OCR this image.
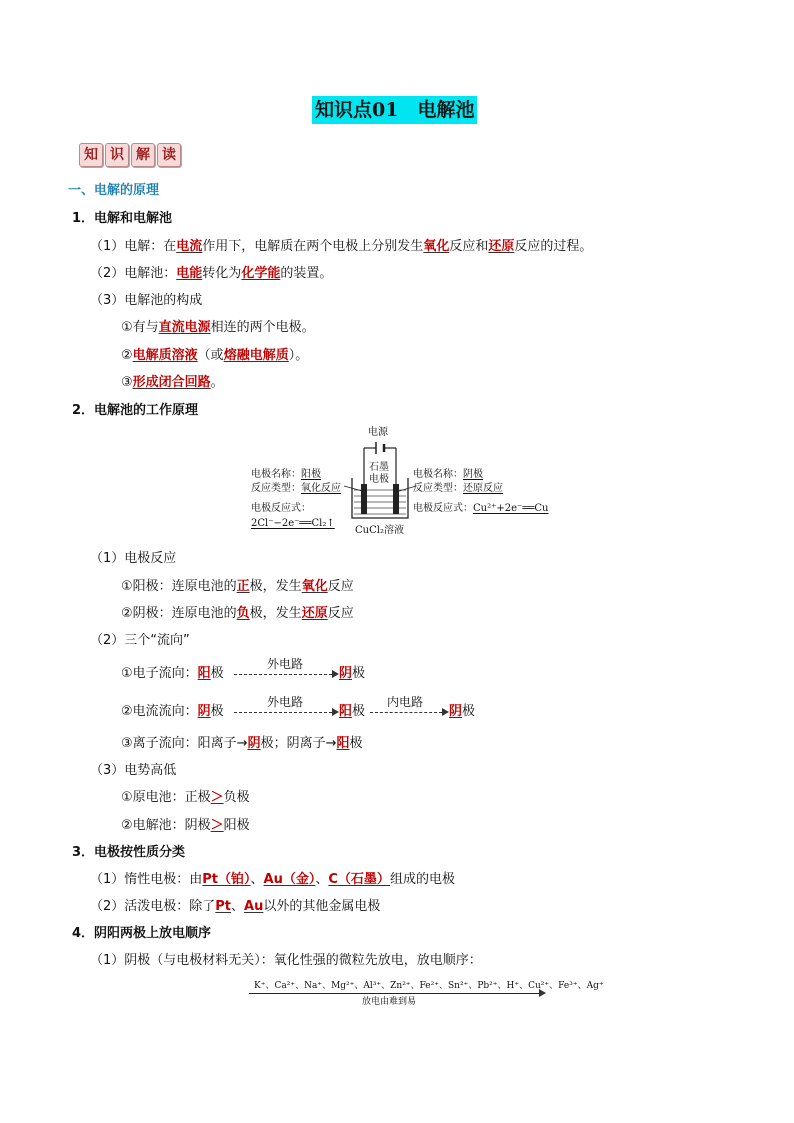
知识点01　电解池
知 识 解 读
一、电解的原理
1．电解和电解池
（1）电解：在电流作用下，电解质在两个电极上分别发生氧化反应和还原反应的过程。
（2）电解池：电能转化为化学能的装置。
（3）电解池的构成
①有与直流电源相连的两个电极。
②电解质溶液（或熔融电解质）。
③形成闭合回路。
2．电解池的工作原理
电源
石墨
电极
CuCl₂溶液
电极名称：阳极
反应类型：氧化反应
电极反应式：
2Cl⁻−2e⁻══Cl₂↑
电极名称：阴极
反应类型：还原反应
电极反应式：Cu²⁺+2e⁻══Cu
（1）电极反应
①阳极：连原电池的正极，发生氧化反应
②阴极：连原电池的负极，发生还原反应
（2）三个“流向”
①电子流向：阳极
外电路
阴极
②电流流向：阴极
外电路
阳极
内电路
阴极
③离子流向：阳离子→阴极；阴离子→阳极
（3）电势高低
①原电池：正极＞负极
②电解池：阴极＞阳极
3．电极按性质分类
（1）惰性电极：由Pt（铂）、Au（金）、C（石墨）组成的电极
（2）活泼电极：除了Pt、Au以外的其他金属电极
4．阴阳两极上放电顺序
（1）阴极（与电极材料无关）：氧化性强的微粒先放电，放电顺序：
K⁺、Ca²⁺、Na⁺、Mg²⁺、Al³⁺、Zn²⁺、Fe²⁺、Sn²⁺、Pb²⁺、H⁺、Cu²⁺、Fe³⁺、Ag⁺
放电由难到易
